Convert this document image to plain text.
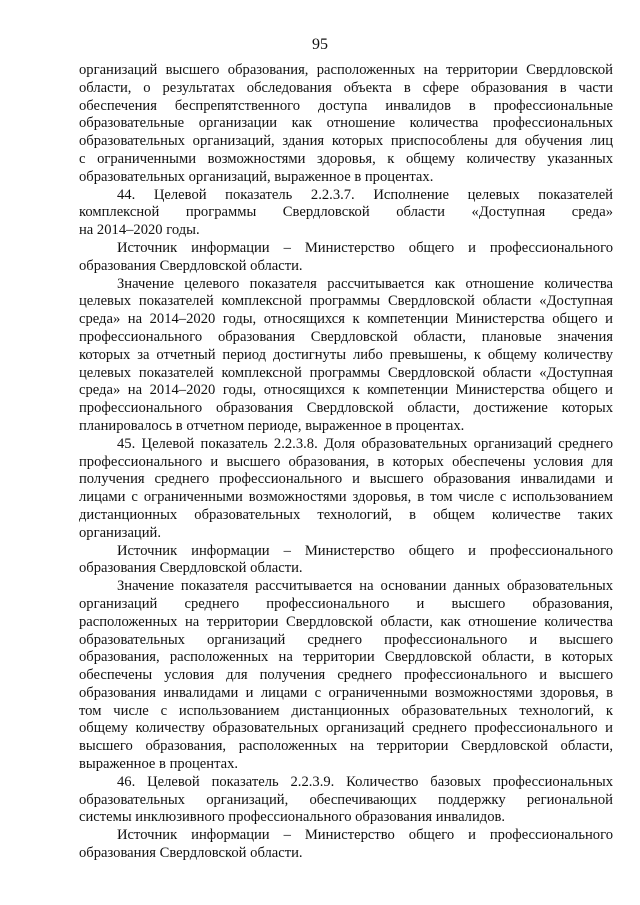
95

организаций высшего образования, расположенных на территории Свердловской

области, о результатах обследования объекта в сфере образования в части

обеспечения беспрепятственного доступа инвалидов в профессиональные

образовательные организации как отношение количества профессиональных

образовательных организаций, здания которых приспособлены для обучения лиц

с ограниченными возможностями здоровья, к общему количеству указанных

образовательных организаций, выраженное в процентах.

44. Целевой показатель 2.2.3.7. Исполнение целевых показателей

комплексной программы Свердловской области «Доступная среда»

на 2014–2020 годы.

Источник информации – Министерство общего и профессионального

образования Свердловской области.

Значение целевого показателя рассчитывается как отношение количества

целевых показателей комплексной программы Свердловской области «Доступная

среда» на 2014–2020 годы, относящихся к компетенции Министерства общего и

профессионального образования Свердловской области, плановые значения

которых за отчетный период достигнуты либо превышены, к общему количеству

целевых показателей комплексной программы Свердловской области «Доступная

среда» на 2014–2020 годы, относящихся к компетенции Министерства общего и

профессионального образования Свердловской области, достижение которых

планировалось в отчетном периоде, выраженное в процентах.

45. Целевой показатель 2.2.3.8. Доля образовательных организаций среднего

профессионального и высшего образования, в которых обеспечены условия для

получения среднего профессионального и высшего образования инвалидами и

лицами с ограниченными возможностями здоровья, в том числе с использованием

дистанционных образовательных технологий, в общем количестве таких

организаций.

Источник информации – Министерство общего и профессионального

образования Свердловской области.

Значение показателя рассчитывается на основании данных образовательных

организаций среднего профессионального и высшего образования,

расположенных на территории Свердловской области, как отношение количества

образовательных организаций среднего профессионального и высшего

образования, расположенных на территории Свердловской области, в которых

обеспечены условия для получения среднего профессионального и высшего

образования инвалидами и лицами с ограниченными возможностями здоровья, в

том числе с использованием дистанционных образовательных технологий, к

общему количеству образовательных организаций среднего профессионального и

высшего образования, расположенных на территории Свердловской области,

выраженное в процентах.

46. Целевой показатель 2.2.3.9. Количество базовых профессиональных

образовательных организаций, обеспечивающих поддержку региональной

системы инклюзивного профессионального образования инвалидов.

Источник информации – Министерство общего и профессионального

образования Свердловской области.
